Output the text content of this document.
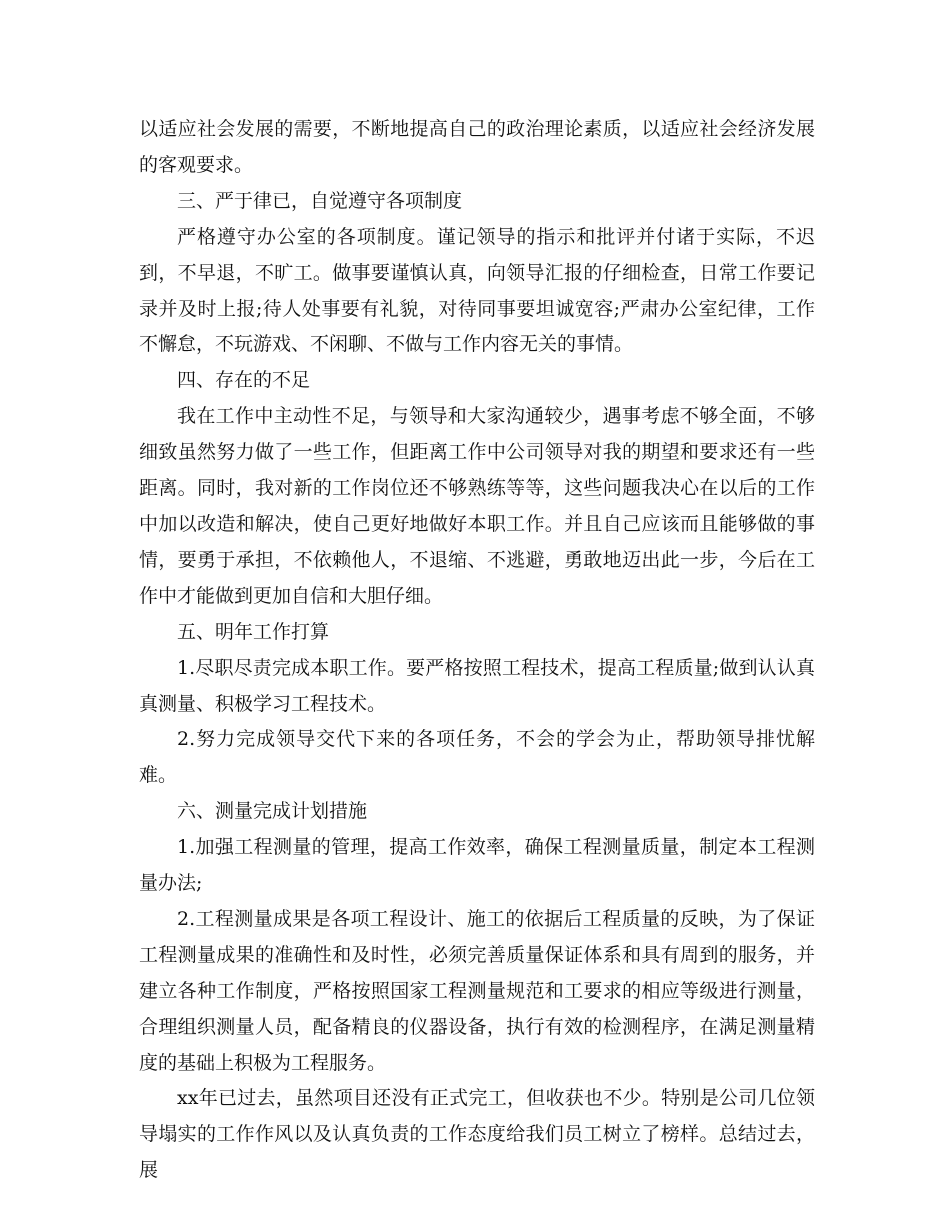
以适应社会发展的需要，不断地提高自己的政治理论素质，以适应社会经济发展的客观要求。

三、严于律已，自觉遵守各项制度

严格遵守办公室的各项制度。谨记领导的指示和批评并付诸于实际，不迟到，不早退，不旷工。做事要谨慎认真，向领导汇报的仔细检查，日常工作要记录并及时上报;待人处事要有礼貌，对待同事要坦诚宽容;严肃办公室纪律，工作不懈怠，不玩游戏、不闲聊、不做与工作内容无关的事情。

四、存在的不足

我在工作中主动性不足，与领导和大家沟通较少，遇事考虑不够全面，不够细致虽然努力做了一些工作，但距离工作中公司领导对我的期望和要求还有一些距离。同时，我对新的工作岗位还不够熟练等等，这些问题我决心在以后的工作中加以改造和解决，使自己更好地做好本职工作。并且自己应该而且能够做的事情，要勇于承担，不依赖他人，不退缩、不逃避，勇敢地迈出此一步，今后在工作中才能做到更加自信和大胆仔细。

五、明年工作打算

1.尽职尽责完成本职工作。要严格按照工程技术，提高工程质量;做到认认真真测量、积极学习工程技术。

2.努力完成领导交代下来的各项任务，不会的学会为止，帮助领导排忧解难。

六、测量完成计划措施

1.加强工程测量的管理，提高工作效率，确保工程测量质量，制定本工程测量办法;

2.工程测量成果是各项工程设计、施工的依据后工程质量的反映，为了保证工程测量成果的准确性和及时性，必须完善质量保证体系和具有周到的服务，并建立各种工作制度，严格按照国家工程测量规范和工要求的相应等级进行测量，合理组织测量人员，配备精良的仪器设备，执行有效的检测程序，在满足测量精度的基础上积极为工程服务。

xx年已过去，虽然项目还没有正式完工，但收获也不少。特别是公司几位领导塌实的工作作风以及认真负责的工作态度给我们员工树立了榜样。总结过去，展
